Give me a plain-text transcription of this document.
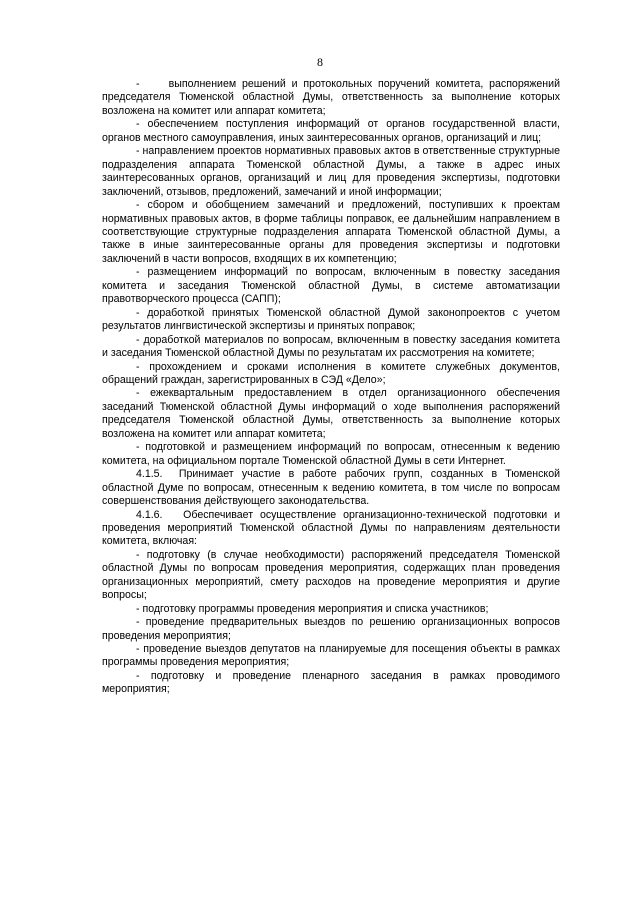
8

-     выполнением решений и протокольных поручений комитета, распоряжений председателя Тюменской областной Думы, ответственность за выполнение которых возложена на комитет или аппарат комитета;

- обеспечением поступления информаций от органов государственной власти, органов местного самоуправления, иных заинтересованных органов, организаций и лиц;

- направлением проектов нормативных правовых актов в ответственные структурные подразделения аппарата Тюменской областной Думы, а также в адрес иных заинтересованных органов, организаций и лиц для проведения экспертизы, подготовки заключений, отзывов, предложений, замечаний и иной информации;

- сбором и обобщением замечаний и предложений, поступивших к проектам нормативных правовых актов, в форме таблицы поправок, ее дальнейшим направлением в соответствующие структурные подразделения аппарата Тюменской областной Думы, а также в иные заинтересованные органы для проведения экспертизы и подготовки заключений в части вопросов, входящих в их компетенцию;

- размещением информаций по вопросам, включенным в повестку заседания комитета и заседания Тюменской областной Думы, в системе автоматизации правотворческого процесса (САПП);

- доработкой принятых Тюменской областной Думой законопроектов с учетом результатов лингвистической экспертизы и принятых поправок;

- доработкой материалов по вопросам, включенным в повестку заседания комитета и заседания Тюменской областной Думы по результатам их рассмотрения на комитете;

- прохождением и сроками исполнения в комитете служебных документов, обращений граждан, зарегистрированных в СЭД «Дело»;

- ежеквартальным предоставлением в отдел организационного обеспечения заседаний Тюменской областной Думы информаций о ходе выполнения распоряжений председателя Тюменской областной Думы, ответственность за выполнение которых возложена на комитет или аппарат комитета;

- подготовкой и размещением информаций по вопросам, отнесенным к ведению комитета, на официальном портале Тюменской областной Думы в сети Интернет.

4.1.5.  Принимает участие в работе рабочих групп, созданных в Тюменской областной Думе по вопросам, отнесенным к ведению комитета, в том числе по вопросам совершенствования действующего законодательства.

4.1.6.   Обеспечивает осуществление организационно-технической подготовки и проведения мероприятий Тюменской областной Думы по направлениям деятельности комитета, включая:

- подготовку (в случае необходимости) распоряжений председателя Тюменской областной Думы по вопросам проведения мероприятия, содержащих план проведения организационных мероприятий, смету расходов на проведение мероприятия и другие вопросы;

- подготовку программы проведения мероприятия и списка участников;

- проведение предварительных выездов по решению организационных вопросов проведения мероприятия;

- проведение выездов депутатов на планируемые для посещения объекты в рамках программы проведения мероприятия;

- подготовку и проведение пленарного заседания в рамках проводимого мероприятия;
